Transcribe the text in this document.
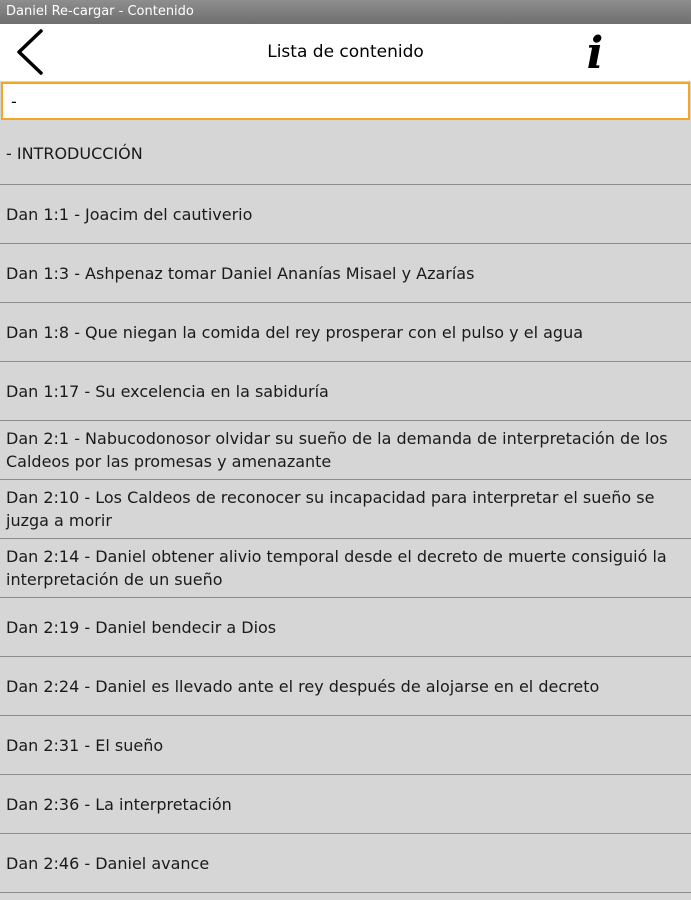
Daniel Re-cargar - Contenido
Lista de contenido	i
-
- INTRODUCCIÓN
Dan 1:1 - Joacim del cautiverio
Dan 1:3 - Ashpenaz tomar Daniel Ananías Misael y Azarías
Dan 1:8 - Que niegan la comida del rey prosperar con el pulso y el agua
Dan 1:17 - Su excelencia en la sabiduría
Dan 2:1 - Nabucodonosor olvidar su sueño de la demanda de interpretación de los Caldeos por las promesas y amenazante
Dan 2:10 - Los Caldeos de reconocer su incapacidad para interpretar el sueño se juzga a morir
Dan 2:14 - Daniel obtener alivio temporal desde el decreto de muerte consiguió la interpretación de un sueño
Dan 2:19 - Daniel bendecir a Dios
Dan 2:24 - Daniel es llevado ante el rey después de alojarse en el decreto
Dan 2:31 - El sueño
Dan 2:36 - La interpretación
Dan 2:46 - Daniel avance
